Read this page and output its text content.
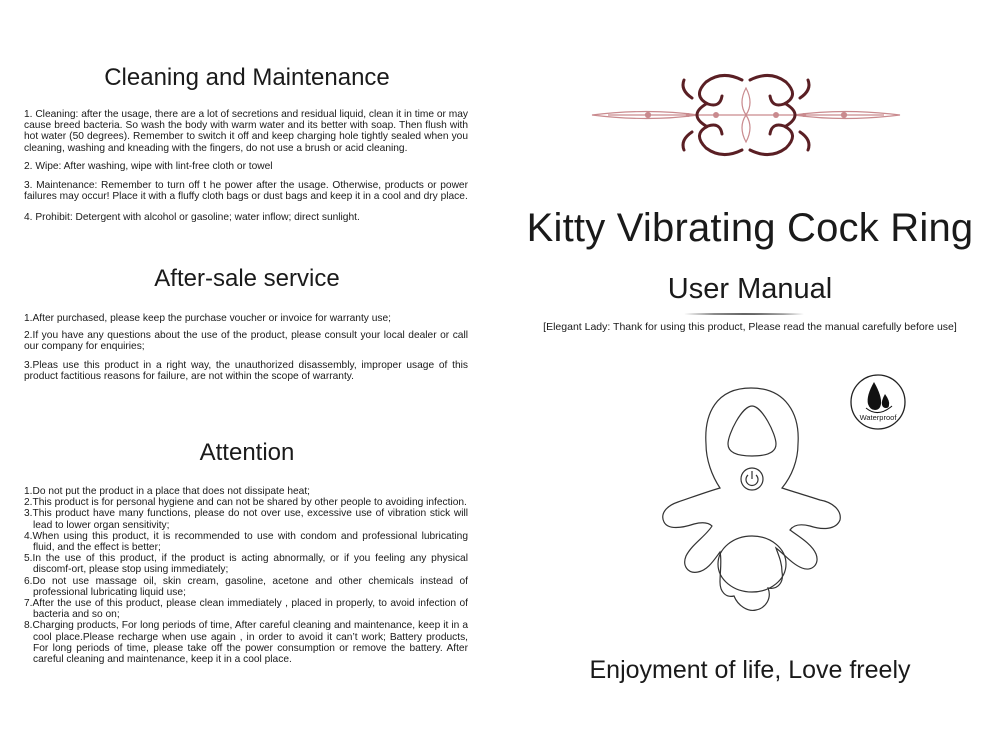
Cleaning and Maintenance

1. Cleaning: after the usage, there are a lot of secretions and residual liquid, clean it in time or may cause breed bacteria. So wash the body with warm water and its better with soap. Then flush with hot water (50 degrees). Remember to switch it off and keep charging hole tightly sealed when you cleaning, washing and kneading with the fingers, do not use a brush or acid cleaning.

2. Wipe: After washing, wipe with lint-free cloth or towel

3. Maintenance: Remember to turn off t he power after the usage. Otherwise, products or power failures may occur! Place it with a fluffy cloth bags or dust bags and keep it in a cool and dry place.

4. Prohibit: Detergent with alcohol or gasoline; water inflow; direct sunlight.

After-sale service

1.After purchased, please keep the purchase voucher or invoice for warranty use;

2.If you have any questions about the use of the product, please consult your local dealer or call our company for enquiries;

3.Pleas use this product in a right way, the unauthorized disassembly, improper usage of this product factitious reasons for failure, are not within the scope of warranty.

Attention

1.Do not put the product in a place that does not dissipate heat;

2.This product is for personal hygiene and can not be shared by other people to avoiding infection.

3.This product have many functions, please do not over use, excessive use of vibration stick will lead to lower organ sensitivity;

4.When using this product, it is recommended to use with condom and professional lubricating fluid, and the effect is better;

5.In the use of this product, if the product is acting abnormally, or if you feeling any physical discomf-ort, please stop using immediately;

6.Do not use massage oil, skin cream, gasoline, acetone and other chemicals instead of professional lubricating liquid use;

7.After the use of this product, please clean immediately , placed in properly, to avoid infection of bacteria and so on;

8.Charging products, For long periods of time, After careful cleaning and maintenance, keep it in a cool place.Please recharge when use again , in order to avoid it can’t work; Battery products, For long periods of time, please take off the power consumption or remove the battery. After careful cleaning and maintenance, keep it in a cool place.

Kitty Vibrating Cock Ring
User Manual

[Elegant Lady: Thank for using this product, Please read the manual carefully before use]

Enjoyment of life, Love freely

Waterproof
